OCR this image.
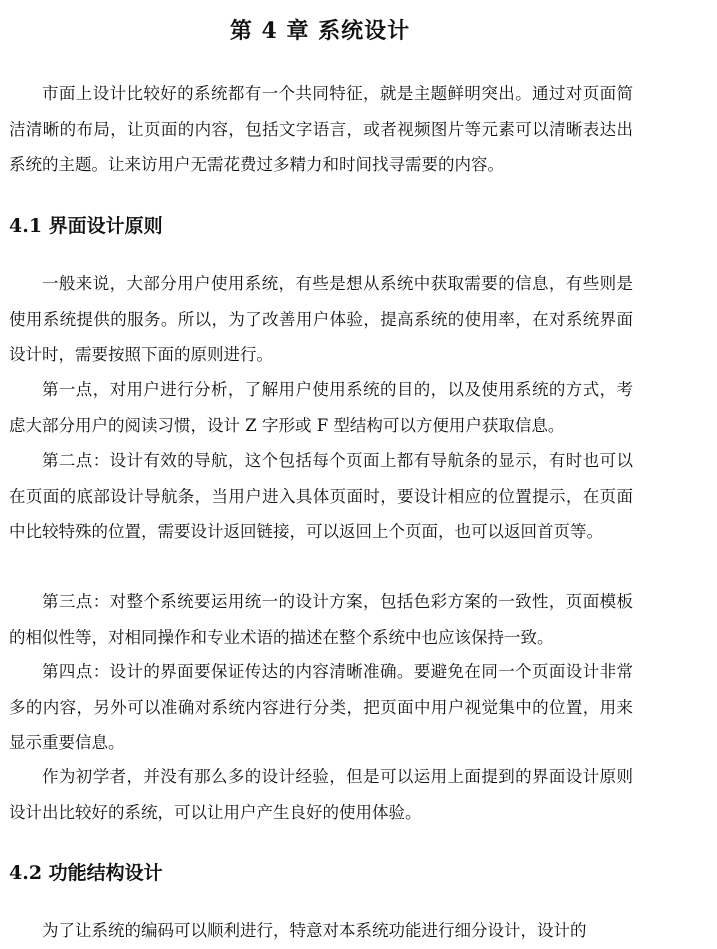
第 4 章 系统设计
市面上设计比较好的系统都有一个共同特征，就是主题鲜明突出。通过对页面简洁清晰的布局，让页面的内容，包括文字语言，或者视频图片等元素可以清晰表达出系统的主题。让来访用户无需花费过多精力和时间找寻需要的内容。
4.1 界面设计原则
一般来说，大部分用户使用系统，有些是想从系统中获取需要的信息，有些则是使用系统提供的服务。所以，为了改善用户体验，提高系统的使用率，在对系统界面设计时，需要按照下面的原则进行。
第一点，对用户进行分析，了解用户使用系统的目的，以及使用系统的方式，考虑大部分用户的阅读习惯，设计 Z 字形或 F 型结构可以方便用户获取信息。
第二点：设计有效的导航，这个包括每个页面上都有导航条的显示，有时也可以在页面的底部设计导航条，当用户进入具体页面时，要设计相应的位置提示，在页面中比较特殊的位置，需要设计返回链接，可以返回上个页面，也可以返回首页等。
第三点：对整个系统要运用统一的设计方案，包括色彩方案的一致性，页面模板的相似性等，对相同操作和专业术语的描述在整个系统中也应该保持一致。
第四点：设计的界面要保证传达的内容清晰准确。要避免在同一个页面设计非常多的内容，另外可以准确对系统内容进行分类，把页面中用户视觉集中的位置，用来显示重要信息。
作为初学者，并没有那么多的设计经验，但是可以运用上面提到的界面设计原则设计出比较好的系统，可以让用户产生良好的使用体验。
4.2 功能结构设计
为了让系统的编码可以顺利进行，特意对本系统功能进行细分设计，设计的
